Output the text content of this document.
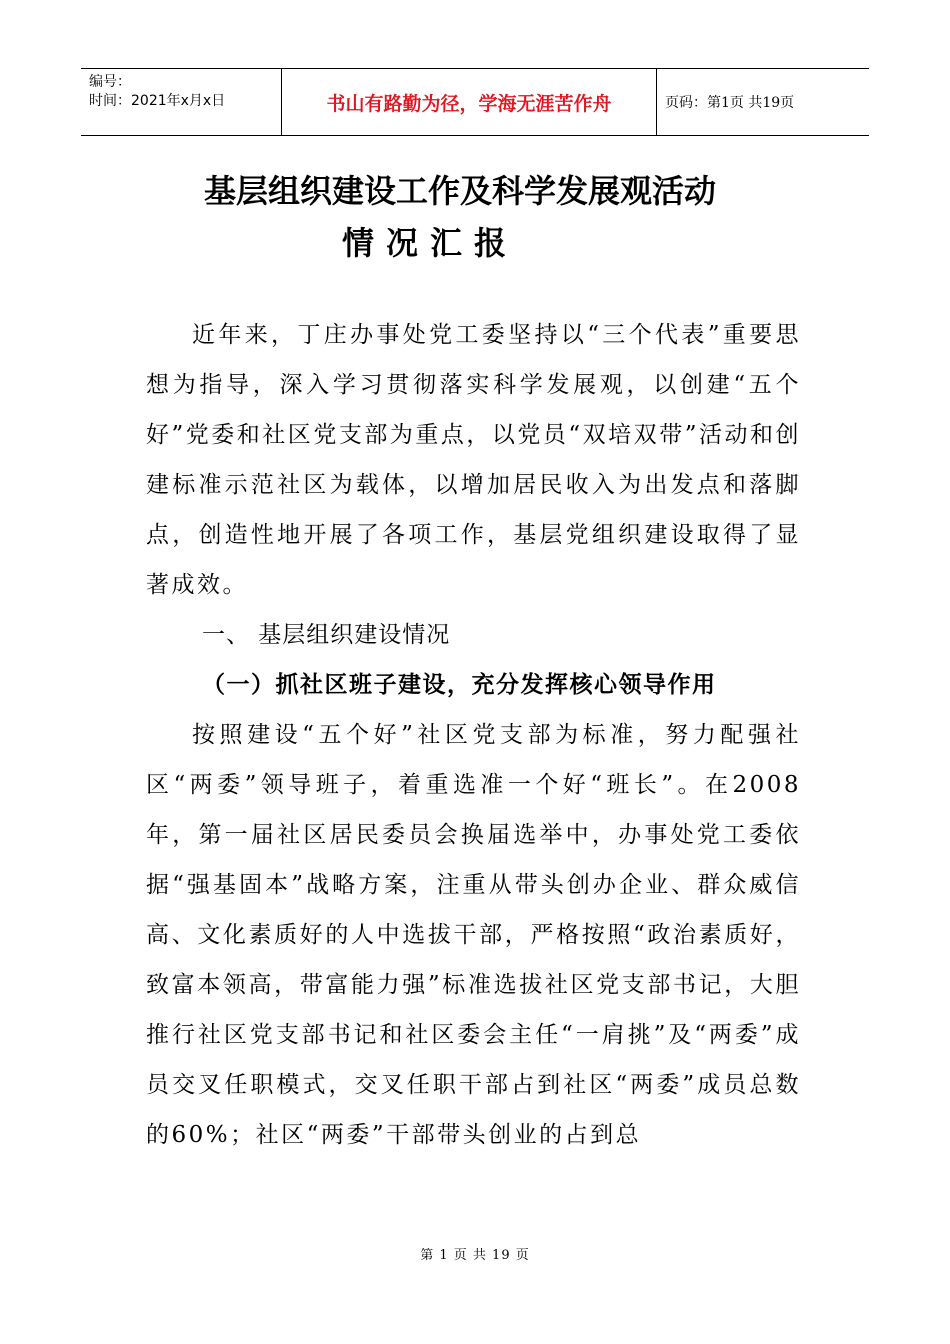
编号：
时间：2021年x月x日	书山有路勤为径，学海无涯苦作舟	页码：第1页 共19页
基层组织建设工作及科学发展观活动
情况汇报

近年来，丁庄办事处党工委坚持以“三个代表”重要思想为指导，深入学习贯彻落实科学发展观，以创建“五个好”党委和社区党支部为重点，以党员“双培双带”活动和创建标准示范社区为载体，以增加居民收入为出发点和落脚点，创造性地开展了各项工作，基层党组织建设取得了显著成效。

一、 基层组织建设情况
（一）抓社区班子建设，充分发挥核心领导作用

按照建设“五个好”社区党支部为标准，努力配强社区“两委”领导班子，着重选准一个好“班长”。在2008年，第一届社区居民委员会换届选举中，办事处党工委依据“强基固本”战略方案，注重从带头创办企业、群众威信高、文化素质好的人中选拔干部，严格按照“政治素质好，致富本领高，带富能力强”标准选拔社区党支部书记，大胆推行社区党支部书记和社区委会主任“一肩挑”及“两委”成员交叉任职模式，交叉任职干部占到社区“两委”成员总数的60%；社区“两委”干部带头创业的占到总

第 1 页 共 19 页
